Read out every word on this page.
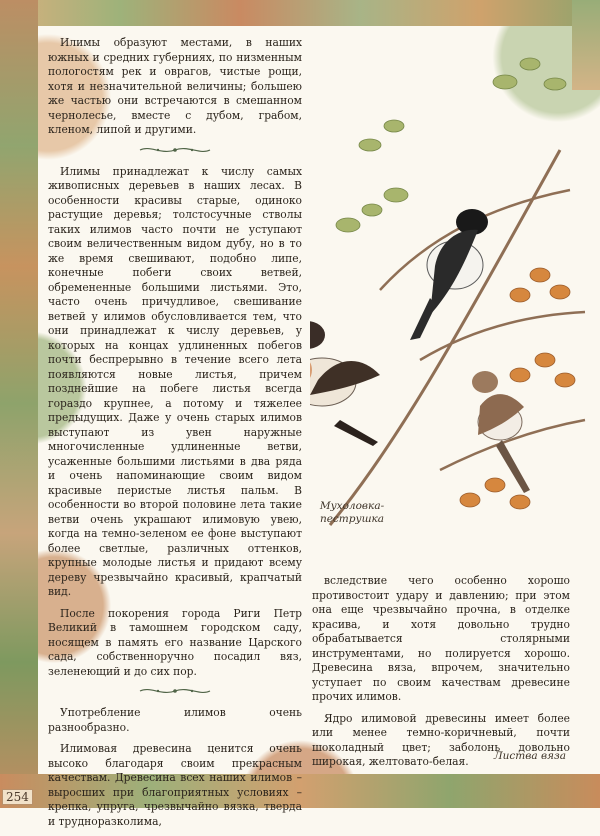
Илимы образуют местами, в наших южных и средних губерниях, по низменным пологостям рек и оврагов, чистые рощи, хотя и незначительной величины; большею же частью они встречаются в смешанном чернолесье, вместе с дубом, грабом, кленом, липой и другими.

Илимы принадлежат к числу самых живописных деревьев в наших лесах. В особенности красивы старые, одиноко растущие деревья; толстосучные стволы таких илимов часто почти не уступают своим величественным видом дубу, но в то же время свешивают, подобно липе, конечные побеги своих ветвей, обремененные большими листьями. Это, часто очень причудливое, свешивание ветвей у илимов обусловливается тем, что они принадлежат к числу деревьев, у которых на концах удлиненных побегов почти беспрерывно в течение всего лета появляются новые листья, причем позднейшие на побеге листья всегда гораздо крупнее, а потому и тяжелее предыдущих. Даже у очень старых илимов выступают из увен наружные многочисленные удлиненные ветви, усаженные большими листьями в два ряда и очень напоминающие своим видом красивые перистые листья пальм. В особенности во второй половине лета такие ветви очень украшают илимовую увею, когда на темно-зеленом ее фоне выступают более светлые, различных оттенков, крупные молодые листья и придают всему дереву чрезвычайно красивый, крапчатый вид.

После покорения города Риги Петр Великий в тамошнем городском саду, носящем в память его название Царского сада, собственноручно посадил вяз, зеленеющий и до сих пор.

Употребление илимов очень разнообразно.

Илимовая древесина ценится очень высоко благодаря своим прекрасным качествам. Древесина всех наших илимов – выросших при благоприятных условиях – крепка, упруга, чрезвычайно вязка, тверда и трудноразколима,

Мухоловка-пеструшка

вследствие чего особенно хорошо противостоит удару и давлению; при этом она еще чрезвычайно прочна, в отделке красива, и хотя довольно трудно обрабатывается столярными инструментами, но полируется хорошо. Древесина вяза, впрочем, значительно уступает по своим качествам древесине прочих илимов.

Ядро илимовой древесины имеет более или менее темно-коричневый, почти шоколадный цвет; заболонь довольно широкая, желтовато-белая.	Листва вяза
254
